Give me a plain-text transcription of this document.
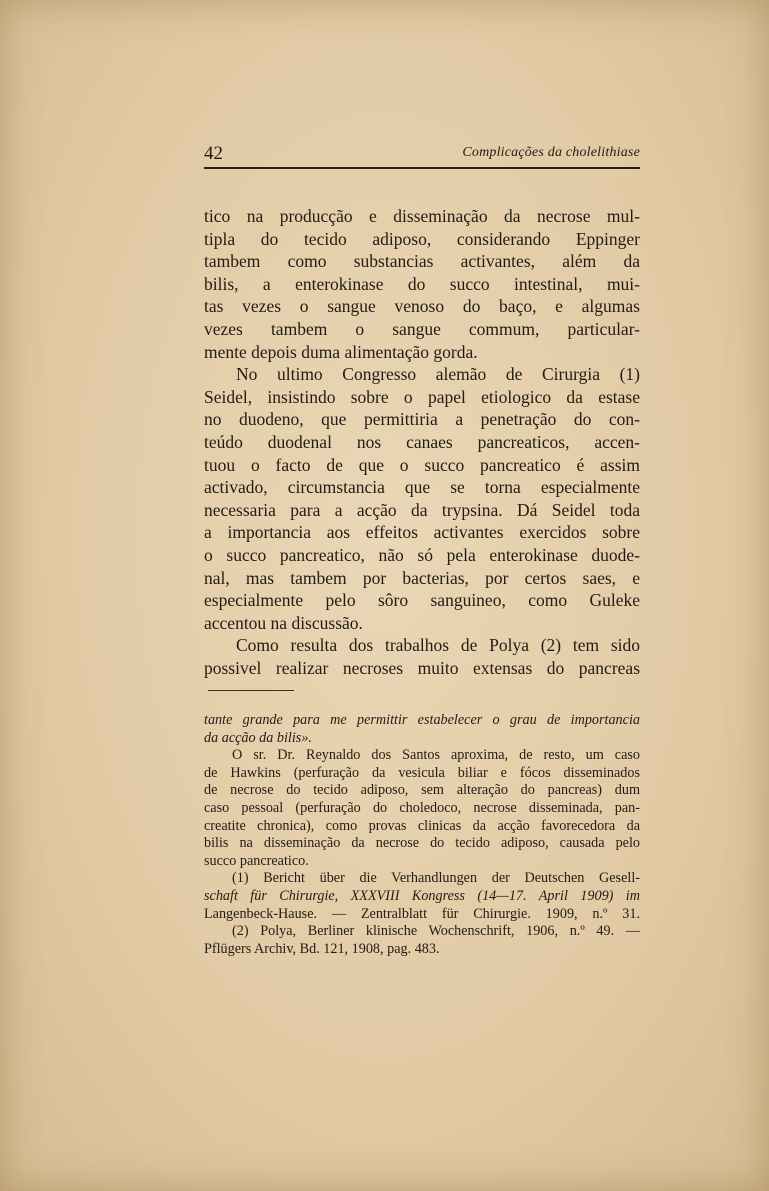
42	Complicações da cholelithiase
tico na producção e disseminação da necrose mul-
tipla do tecido adiposo, considerando Eppinger
tambem como substancias activantes, além da
bilis, a enterokinase do succo intestinal, mui-
tas vezes o sangue venoso do baço, e algumas
vezes tambem o sangue commum, particular-
mente depois duma alimentação gorda.
No ultimo Congresso alemão de Cirurgia (1)
Seidel, insistindo sobre o papel etiologico da estase
no duodeno, que permittiria a penetração do con-
teúdo duodenal nos canaes pancreaticos, accen-
tuou o facto de que o succo pancreatico é assim
activado, circumstancia que se torna especialmente
necessaria para a acção da trypsina. Dá Seidel toda
a importancia aos effeitos activantes exercidos sobre
o succo pancreatico, não só pela enterokinase duode-
nal, mas tambem por bacterias, por certos saes, e
especialmente pelo sôro sanguineo, como Guleke
accentou na discussão.
Como resulta dos trabalhos de Polya (2) tem sido
possivel realizar necroses muito extensas do pancreas
tante grande para me permittir estabelecer o grau de importancia
da acção da bilis».
O sr. Dr. Reynaldo dos Santos aproxima, de resto, um caso
de Hawkins (perfuração da vesicula biliar e fócos disseminados
de necrose do tecido adiposo, sem alteração do pancreas) dum
caso pessoal (perfuração do choledoco, necrose disseminada, pan-
creatite chronica), como provas clinicas da acção favorecedora da
bilis na disseminação da necrose do tecido adiposo, causada pelo
succo pancreatico.
(1) Bericht über die Verhandlungen der Deutschen Gesell-
schaft für Chirurgie, XXXVIII Kongress (14—17. April 1909) im
Langenbeck-Hause. — Zentralblatt für Chirurgie. 1909, n.º 31.
(2) Polya, Berliner klinische Wochenschrift, 1906, n.º 49. —
Pflügers Archiv, Bd. 121, 1908, pag. 483.
